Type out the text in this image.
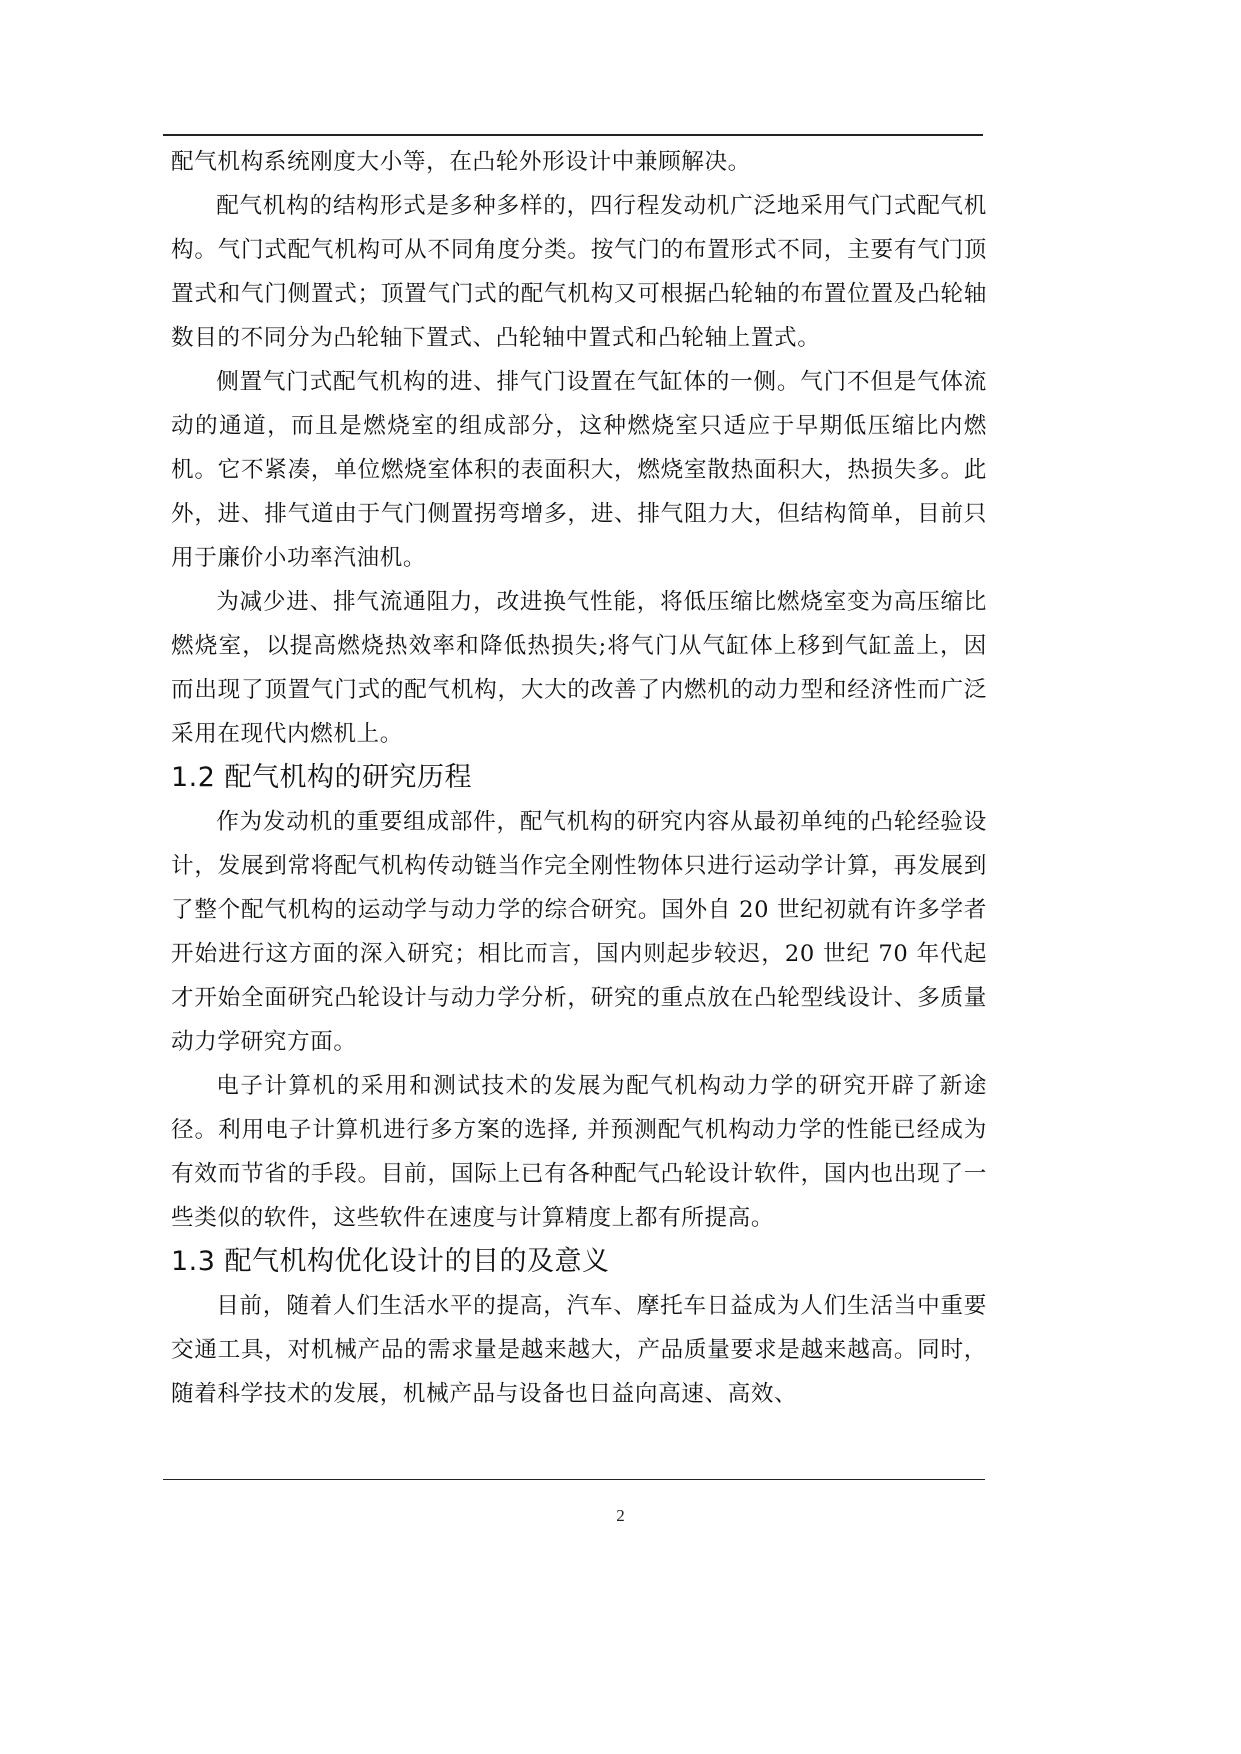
配气机构系统刚度大小等，在凸轮外形设计中兼顾解决。

配气机构的结构形式是多种多样的，四行程发动机广泛地采用气门式配气机构。气门式配气机构可从不同角度分类。按气门的布置形式不同，主要有气门顶置式和气门侧置式；顶置气门式的配气机构又可根据凸轮轴的布置位置及凸轮轴数目的不同分为凸轮轴下置式、凸轮轴中置式和凸轮轴上置式。

侧置气门式配气机构的进、排气门设置在气缸体的一侧。气门不但是气体流动的通道，而且是燃烧室的组成部分，这种燃烧室只适应于早期低压缩比内燃机。它不紧凑，单位燃烧室体积的表面积大，燃烧室散热面积大，热损失多。此外，进、排气道由于气门侧置拐弯增多，进、排气阻力大，但结构简单，目前只用于廉价小功率汽油机。

为减少进、排气流通阻力，改进换气性能，将低压缩比燃烧室变为高压缩比燃烧室，以提高燃烧热效率和降低热损失;将气门从气缸体上移到气缸盖上，因而出现了顶置气门式的配气机构，大大的改善了内燃机的动力型和经济性而广泛采用在现代内燃机上。

1.2 配气机构的研究历程

作为发动机的重要组成部件，配气机构的研究内容从最初单纯的凸轮经验设计，发展到常将配气机构传动链当作完全刚性物体只进行运动学计算，再发展到了整个配气机构的运动学与动力学的综合研究。国外自 20 世纪初就有许多学者开始进行这方面的深入研究；相比而言，国内则起步较迟，20 世纪 70 年代起才开始全面研究凸轮设计与动力学分析，研究的重点放在凸轮型线设计、多质量动力学研究方面。

电子计算机的采用和测试技术的发展为配气机构动力学的研究开辟了新途径。利用电子计算机进行多方案的选择, 并预测配气机构动力学的性能已经成为有效而节省的手段。目前，国际上已有各种配气凸轮设计软件，国内也出现了一些类似的软件，这些软件在速度与计算精度上都有所提高。

1.3 配气机构优化设计的目的及意义

目前，随着人们生活水平的提高，汽车、摩托车日益成为人们生活当中重要交通工具，对机械产品的需求量是越来越大，产品质量要求是越来越高。同时，随着科学技术的发展，机械产品与设备也日益向高速、高效、

2
